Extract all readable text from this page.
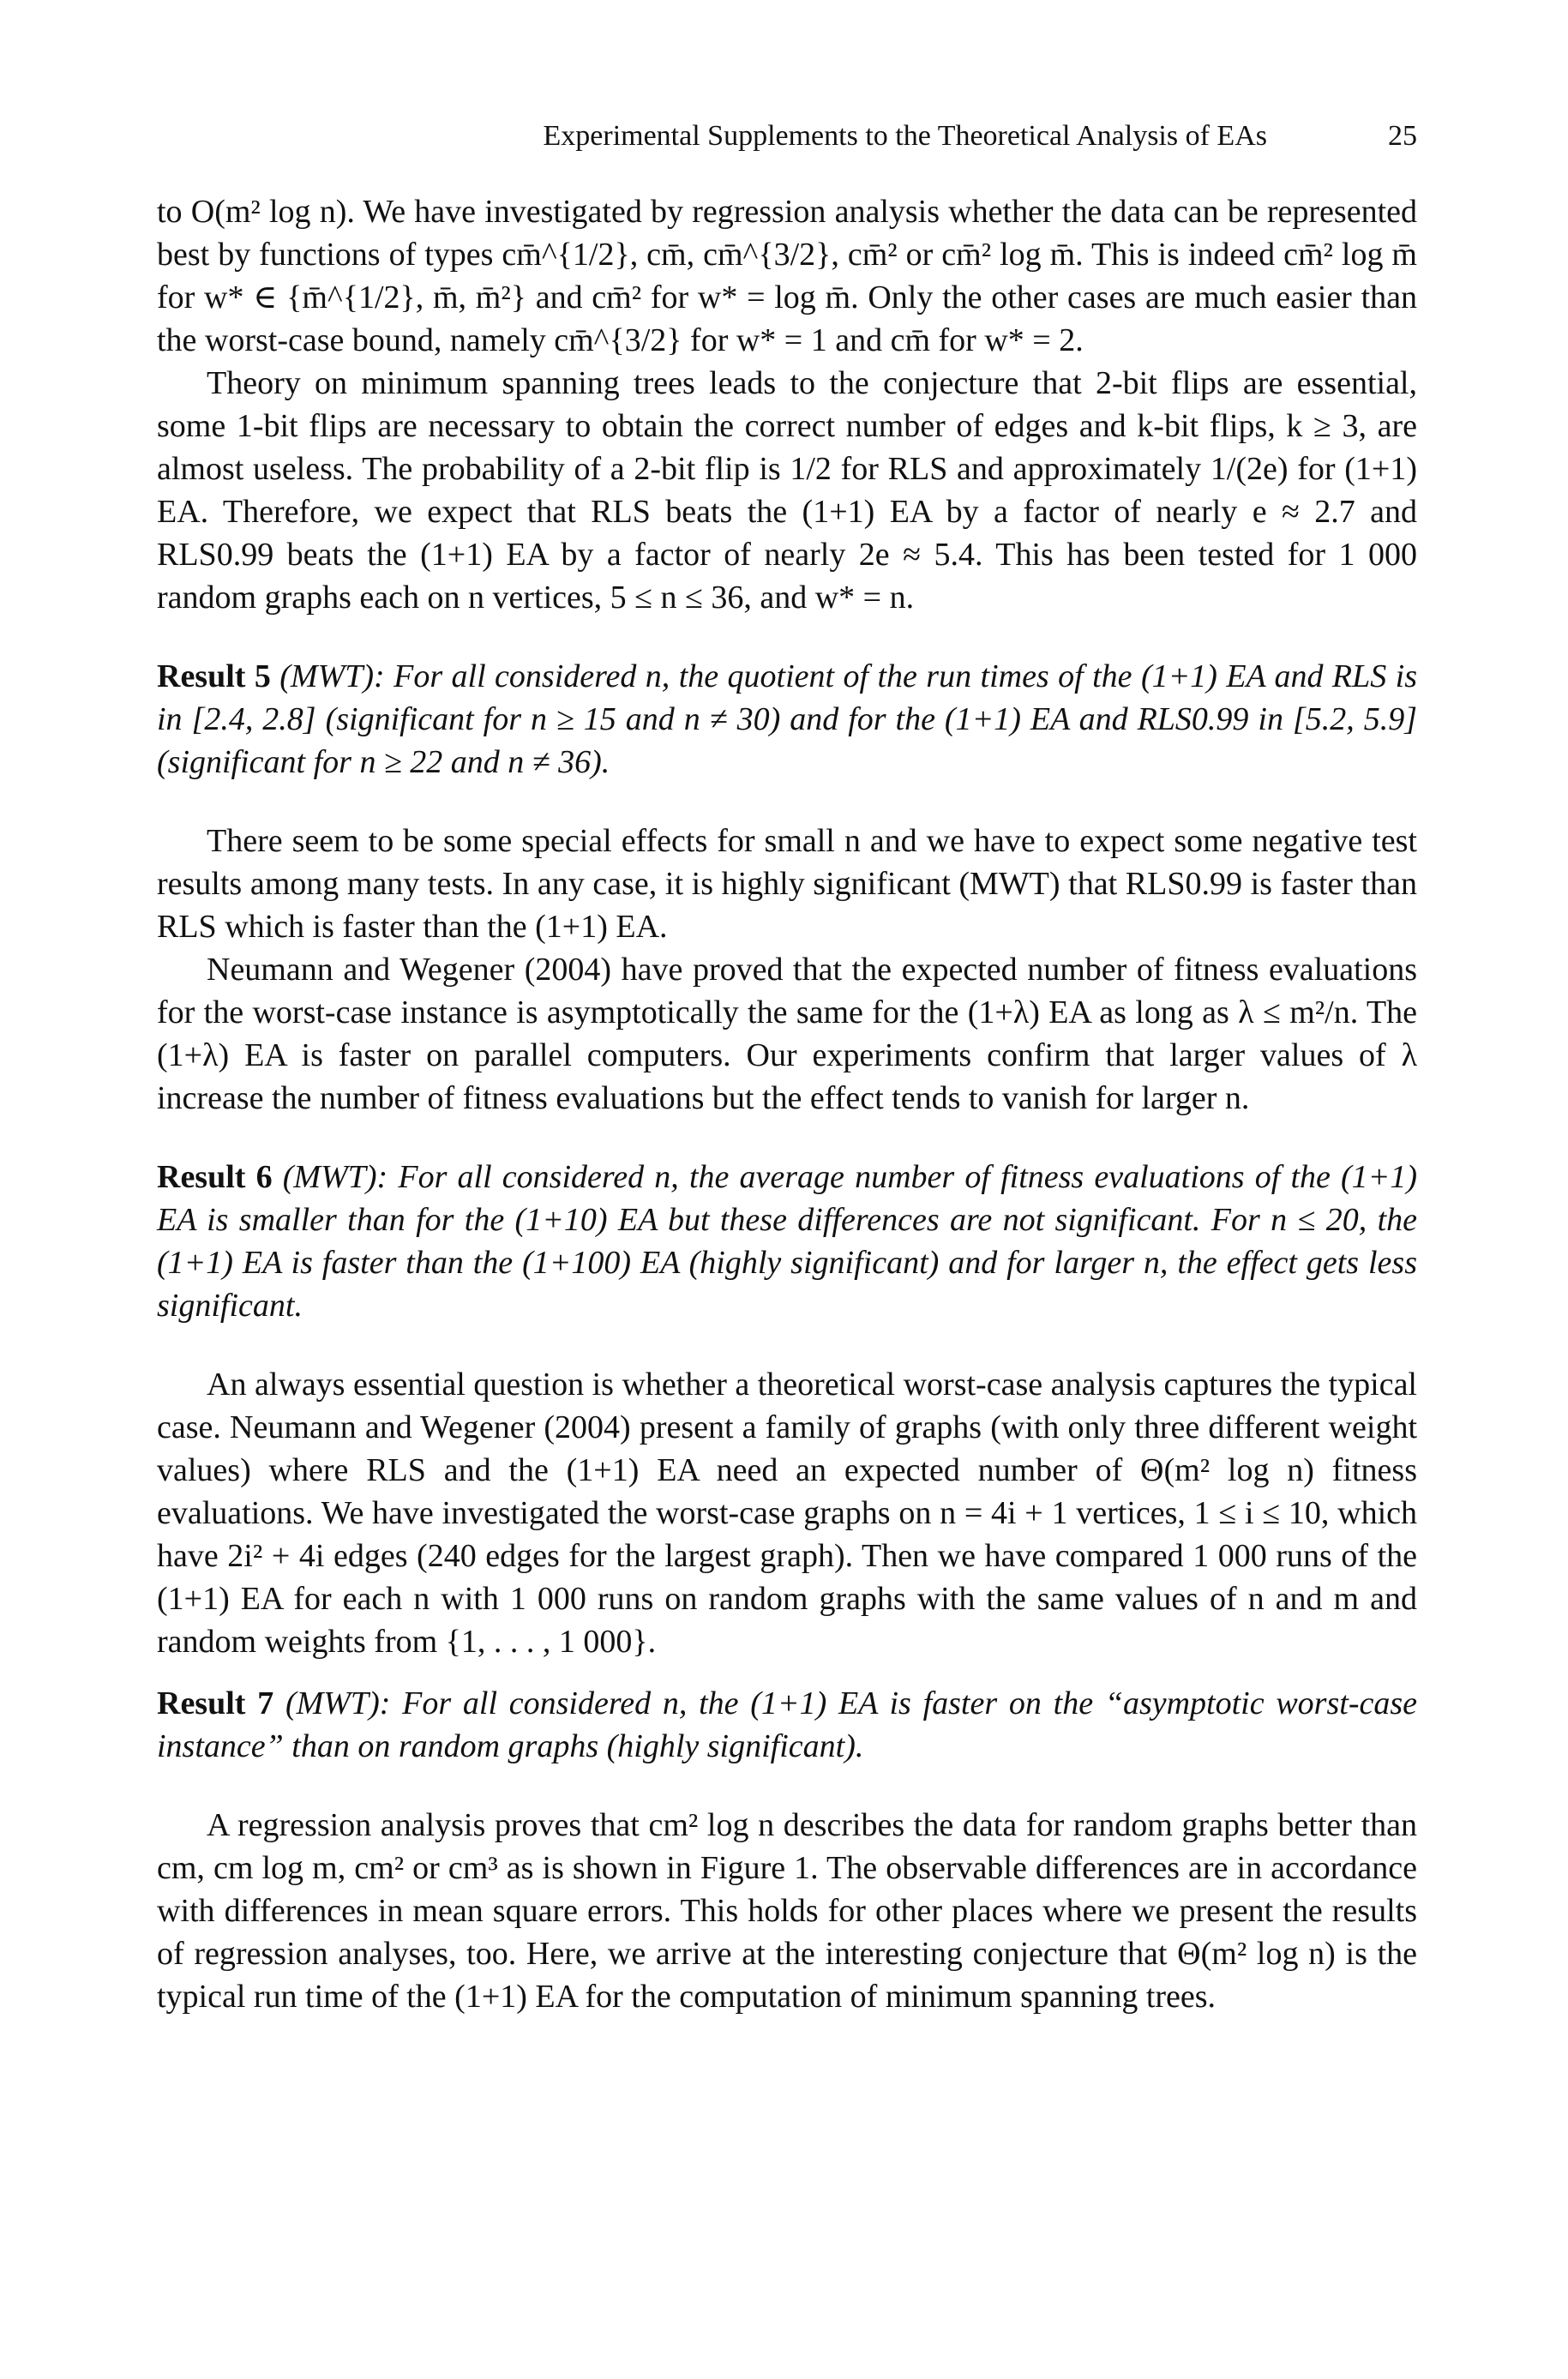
Experimental Supplements to the Theoretical Analysis of EAs	25

to O(m² log n). We have investigated by regression analysis whether the data can be represented best by functions of types cm̄^{1/2}, cm̄, cm̄^{3/2}, cm̄² or cm̄² log m̄. This is indeed cm̄² log m̄ for w* ∈ {m̄^{1/2}, m̄, m̄²} and cm̄² for w* = log m̄. Only the other cases are much easier than the worst-case bound, namely cm̄^{3/2} for w* = 1 and cm̄ for w* = 2.

Theory on minimum spanning trees leads to the conjecture that 2-bit flips are essential, some 1-bit flips are necessary to obtain the correct number of edges and k-bit flips, k ≥ 3, are almost useless. The probability of a 2-bit flip is 1/2 for RLS and approximately 1/(2e) for (1+1) EA. Therefore, we expect that RLS beats the (1+1) EA by a factor of nearly e ≈ 2.7 and RLS0.99 beats the (1+1) EA by a factor of nearly 2e ≈ 5.4. This has been tested for 1 000 random graphs each on n vertices, 5 ≤ n ≤ 36, and w* = n.

Result 5 (MWT): For all considered n, the quotient of the run times of the (1+1) EA and RLS is in [2.4, 2.8] (significant for n ≥ 15 and n ≠ 30) and for the (1+1) EA and RLS0.99 in [5.2, 5.9] (significant for n ≥ 22 and n ≠ 36).

There seem to be some special effects for small n and we have to expect some negative test results among many tests. In any case, it is highly significant (MWT) that RLS0.99 is faster than RLS which is faster than the (1+1) EA.

Neumann and Wegener (2004) have proved that the expected number of fitness evaluations for the worst-case instance is asymptotically the same for the (1+λ) EA as long as λ ≤ m²/n. The (1+λ) EA is faster on parallel computers. Our experiments confirm that larger values of λ increase the number of fitness evaluations but the effect tends to vanish for larger n.

Result 6 (MWT): For all considered n, the average number of fitness evaluations of the (1+1) EA is smaller than for the (1+10) EA but these differences are not significant. For n ≤ 20, the (1+1) EA is faster than the (1+100) EA (highly significant) and for larger n, the effect gets less significant.

An always essential question is whether a theoretical worst-case analysis captures the typical case. Neumann and Wegener (2004) present a family of graphs (with only three different weight values) where RLS and the (1+1) EA need an expected number of Θ(m² log n) fitness evaluations. We have investigated the worst-case graphs on n = 4i + 1 vertices, 1 ≤ i ≤ 10, which have 2i² + 4i edges (240 edges for the largest graph). Then we have compared 1 000 runs of the (1+1) EA for each n with 1 000 runs on random graphs with the same values of n and m and random weights from {1, . . . , 1 000}.

Result 7 (MWT): For all considered n, the (1+1) EA is faster on the “asymptotic worst-case instance” than on random graphs (highly significant).

A regression analysis proves that cm² log n describes the data for random graphs better than cm, cm log m, cm² or cm³ as is shown in Figure 1. The observable differences are in accordance with differences in mean square errors. This holds for other places where we present the results of regression analyses, too. Here, we arrive at the interesting conjecture that Θ(m² log n) is the typical run time of the (1+1) EA for the computation of minimum spanning trees.
